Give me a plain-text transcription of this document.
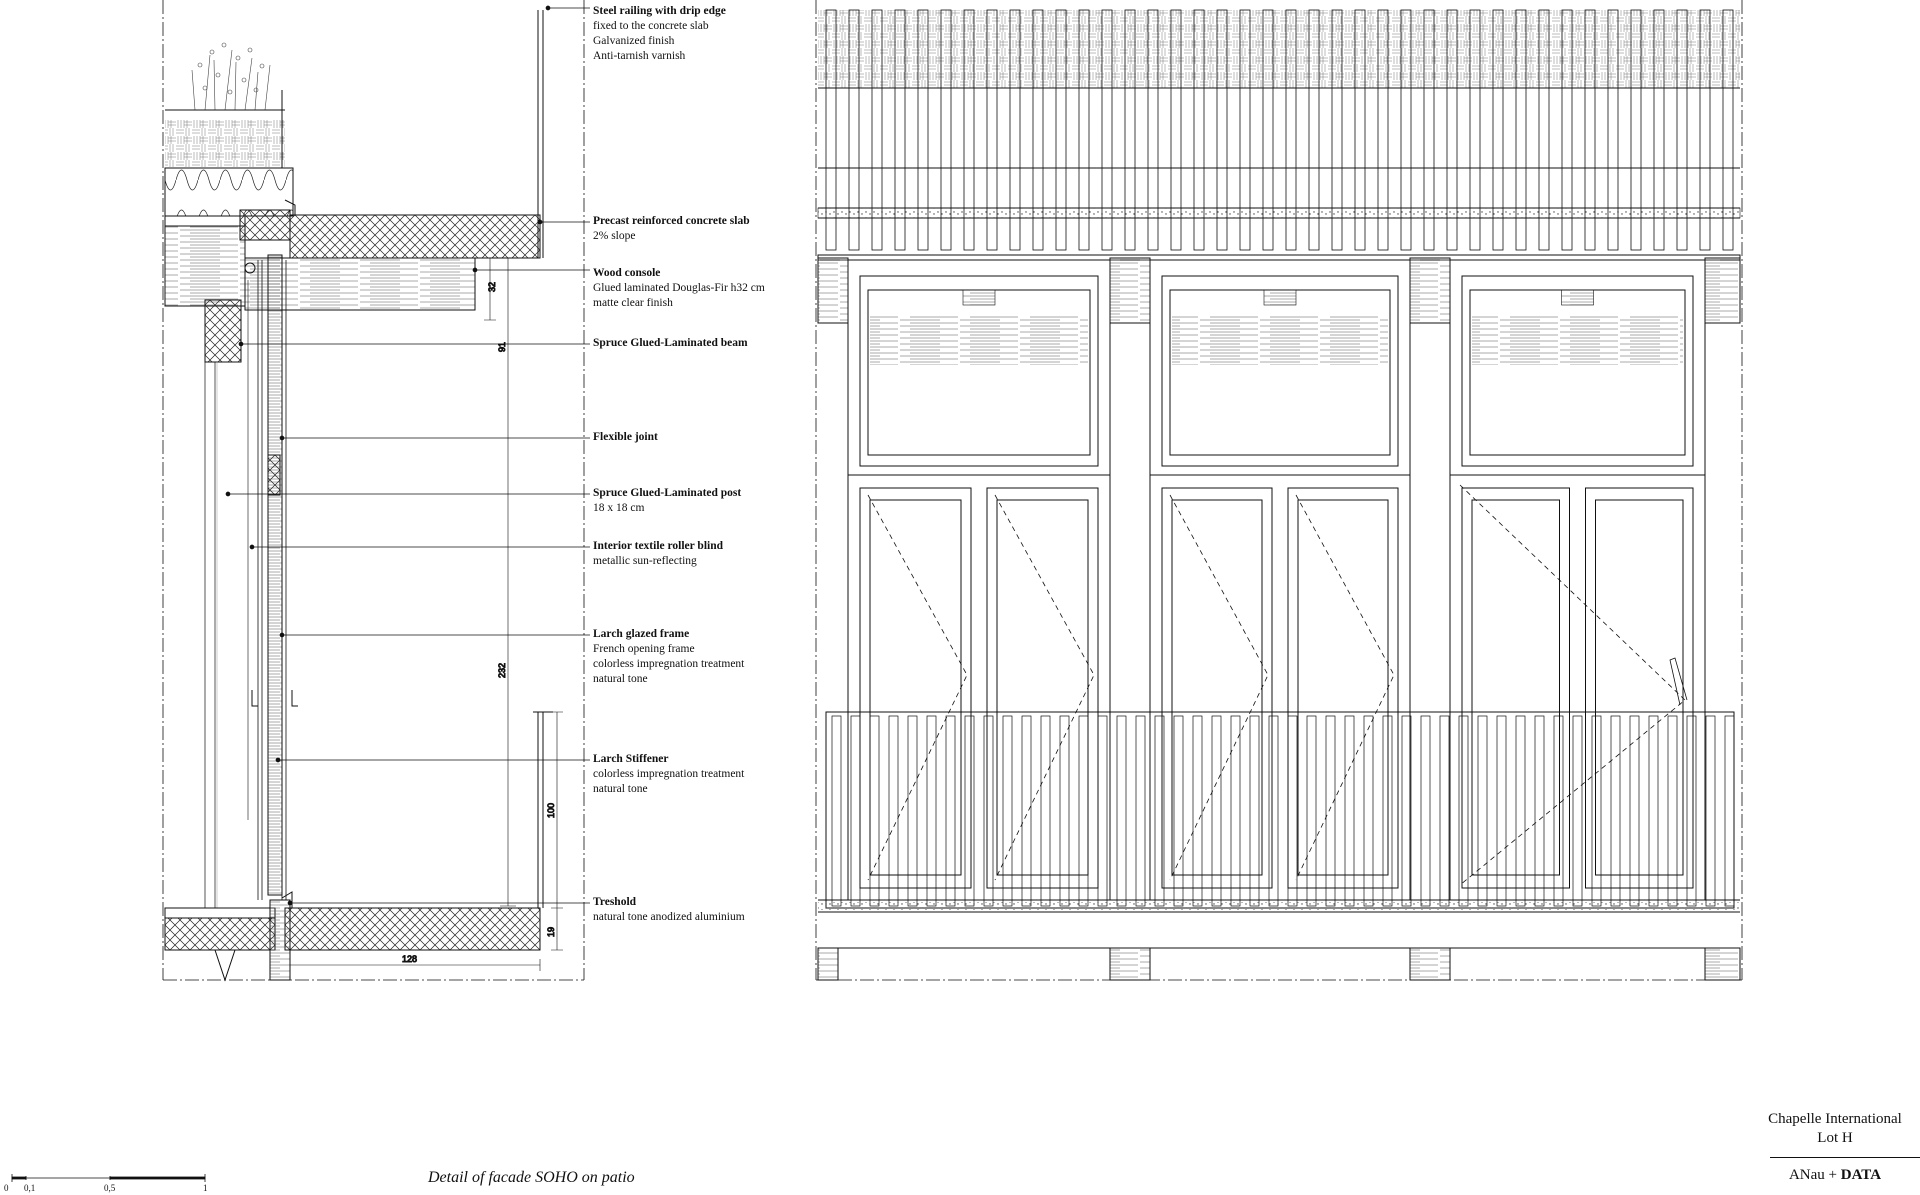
32
91
232
100
19
128
Steel railing with drip edge
fixed to the concrete slab
Galvanized finish
Anti-tarnish varnish
Precast reinforced concrete slab
2% slope
Wood console
Glued laminated Douglas-Fir h32 cm
matte clear finish
Spruce Glued-Laminated beam
Flexible joint
Spruce Glued-Laminated post
18 x 18 cm
Interior textile roller blind
metallic sun-reflecting
Larch glazed frame
French opening frame
colorless impregnation treatment
natural tone
Larch Stiffener
colorless impregnation treatment
natural tone
Treshold
natural tone anodized aluminium
0 0,1	0,5	1
Detail of facade SOHO on patio
Chapelle International
Lot H
ANau + DATA
